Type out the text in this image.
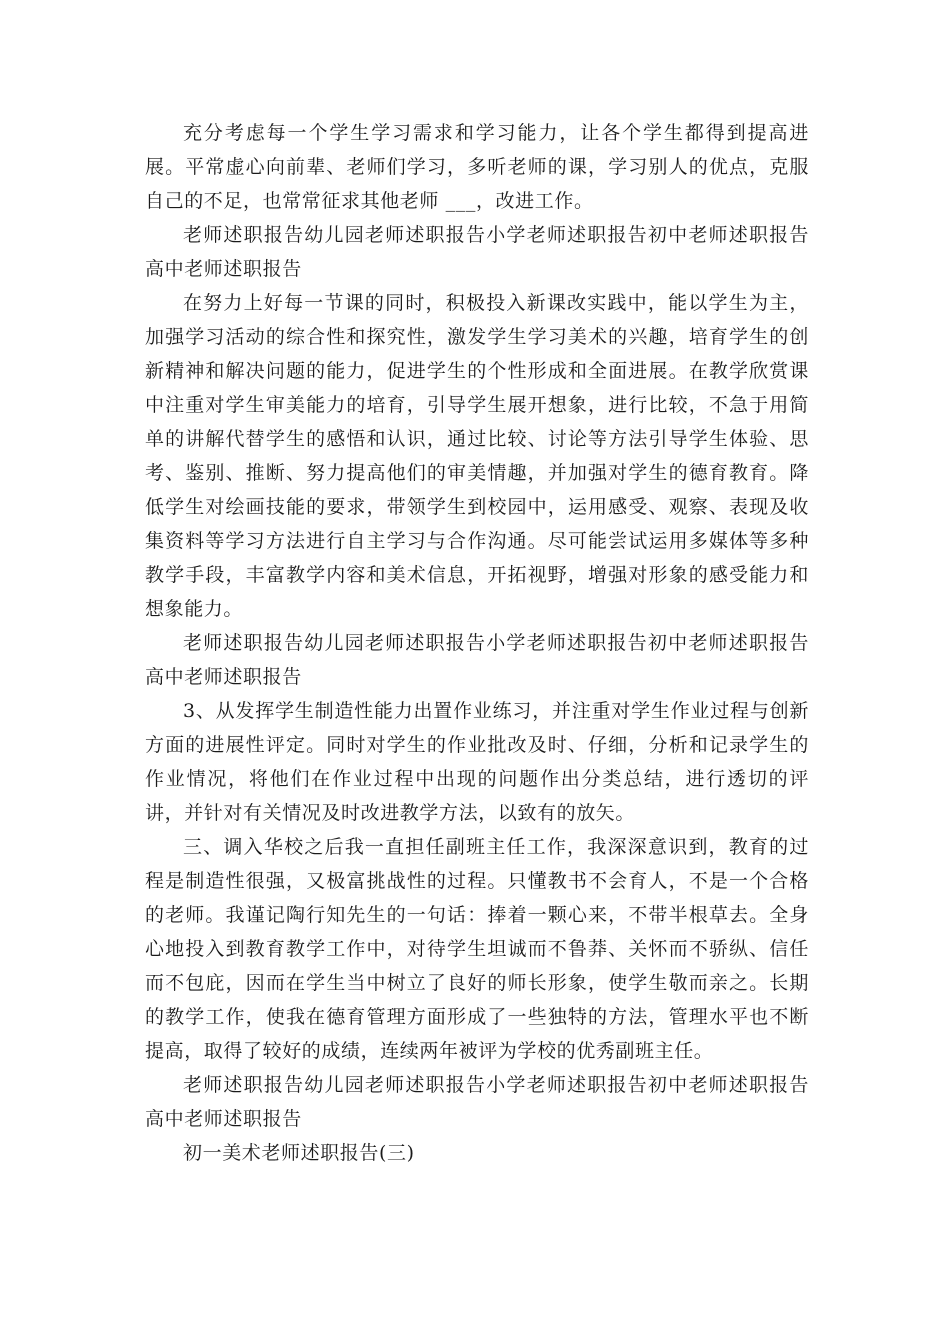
充分考虑每一个学生学习需求和学习能力，让各个学生都得到提高进展。平常虚心向前辈、老师们学习，多听老师的课，学习别人的优点，克服自己的不足，也常常征求其他老师 ___，改进工作。

老师述职报告幼儿园老师述职报告小学老师述职报告初中老师述职报告高中老师述职报告

在努力上好每一节课的同时，积极投入新课改实践中，能以学生为主，加强学习活动的综合性和探究性，激发学生学习美术的兴趣，培育学生的创新精神和解决问题的能力，促进学生的个性形成和全面进展。在教学欣赏课中注重对学生审美能力的培育，引导学生展开想象，进行比较，不急于用简单的讲解代替学生的感悟和认识，通过比较、讨论等方法引导学生体验、思考、鉴别、推断、努力提高他们的审美情趣，并加强对学生的德育教育。降低学生对绘画技能的要求，带领学生到校园中，运用感受、观察、表现及收集资料等学习方法进行自主学习与合作沟通。尽可能尝试运用多媒体等多种教学手段，丰富教学内容和美术信息，开拓视野，增强对形象的感受能力和想象能力。

老师述职报告幼儿园老师述职报告小学老师述职报告初中老师述职报告高中老师述职报告

3、从发挥学生制造性能力出置作业练习，并注重对学生作业过程与创新方面的进展性评定。同时对学生的作业批改及时、仔细，分析和记录学生的作业情况，将他们在作业过程中出现的问题作出分类总结，进行透切的评讲，并针对有关情况及时改进教学方法，以致有的放矢。

三、调入华校之后我一直担任副班主任工作，我深深意识到，教育的过程是制造性很强，又极富挑战性的过程。只懂教书不会育人，不是一个合格的老师。我谨记陶行知先生的一句话：捧着一颗心来，不带半根草去。全身心地投入到教育教学工作中，对待学生坦诚而不鲁莽、关怀而不骄纵、信任而不包庇，因而在学生当中树立了良好的师长形象，使学生敬而亲之。长期的教学工作，使我在德育管理方面形成了一些独特的方法，管理水平也不断提高，取得了较好的成绩，连续两年被评为学校的优秀副班主任。

老师述职报告幼儿园老师述职报告小学老师述职报告初中老师述职报告高中老师述职报告

初一美术老师述职报告(三)
